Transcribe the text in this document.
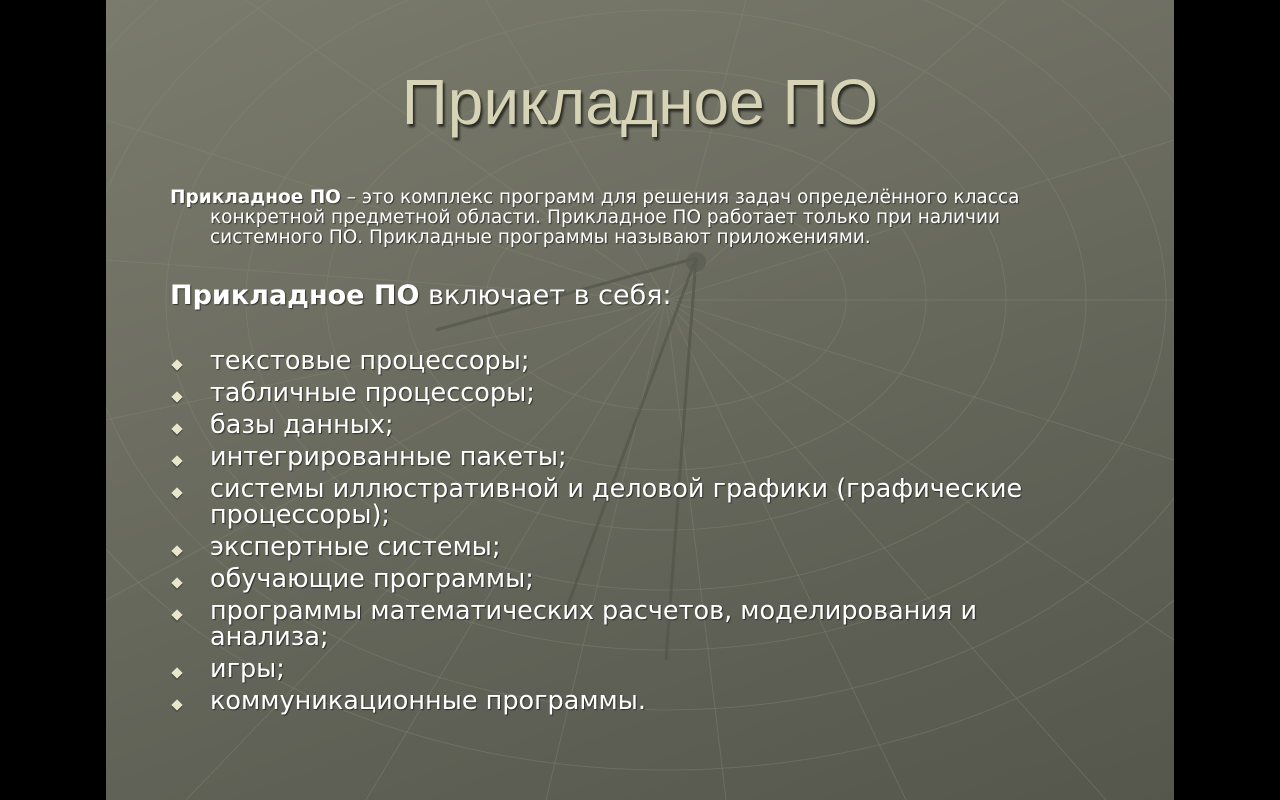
Прикладное ПО
Прикладное ПО – это комплекс программ для решения задач определённого класса
конкретной предметной области. Прикладное ПО работает только при наличии
системного ПО. Прикладные программы называют приложениями.
Прикладное ПО включает в себя:
текстовые процессоры;
табличные процессоры;
базы данных;
интегрированные пакеты;
системы иллюстративной и деловой графики (графические
процессоры);
экспертные системы;
обучающие программы;
программы математических расчетов, моделирования и
анализа;
игры;
коммуникационные программы.
